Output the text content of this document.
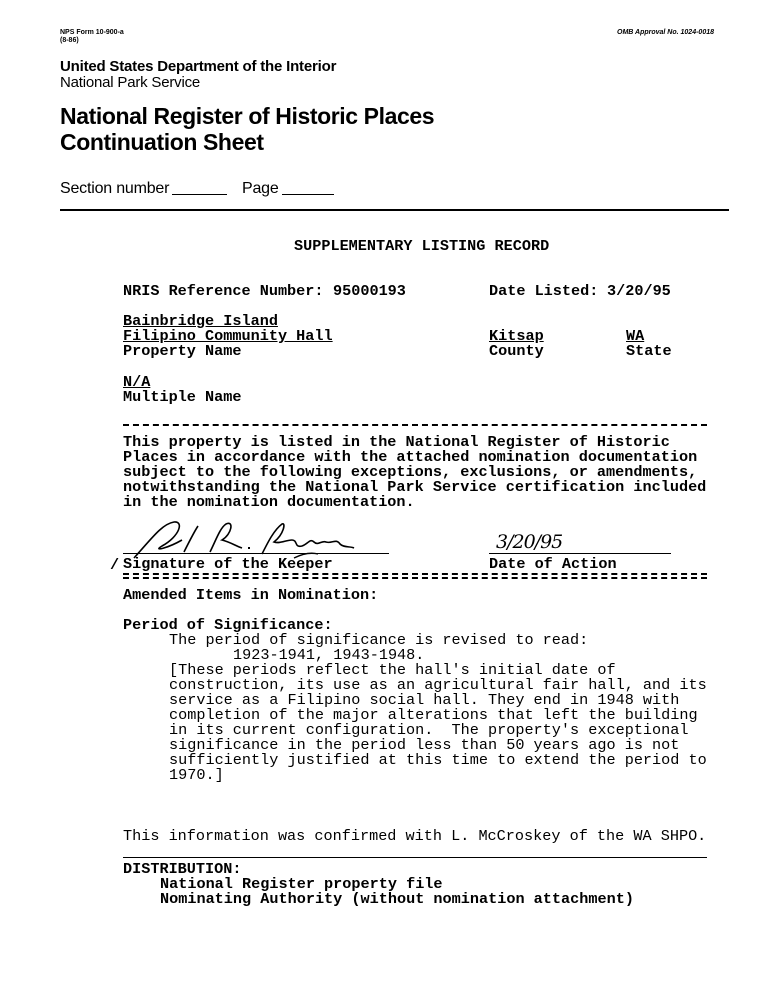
NPS Form 10-900-a
(8-86)
OMB Approval No. 1024-0018
United States Department of the Interior
National Park Service
National Register of Historic Places
Continuation Sheet
Section number	Page
SUPPLEMENTARY LISTING RECORD
NRIS Reference Number: 95000193	Date Listed: 3/20/95
Bainbridge Island
Filipino Community Hall
Property Name
Kitsap
County
WA
State
N/A
Multiple Name
This property is listed in the National Register of Historic
Places in accordance with the attached nomination documentation
subject to the following exceptions, exclusions, or amendments,
notwithstanding the National Park Service certification included
in the nomination documentation.
/ Signature of the Keeper
3/20/95
Date of Action
Amended Items in Nomination:
Period of Significance:
The period of significance is revised to read:
1923-1941, 1943-1948.
[These periods reflect the hall's initial date of
construction, its use as an agricultural fair hall, and its
service as a Filipino social hall. They end in 1948 with
completion of the major alterations that left the building
in its current configuration.  The property's exceptional
significance in the period less than 50 years ago is not
sufficiently justified at this time to extend the period to
1970.]
This information was confirmed with L. McCroskey of the WA SHPO.
DISTRIBUTION:
National Register property file
Nominating Authority (without nomination attachment)
